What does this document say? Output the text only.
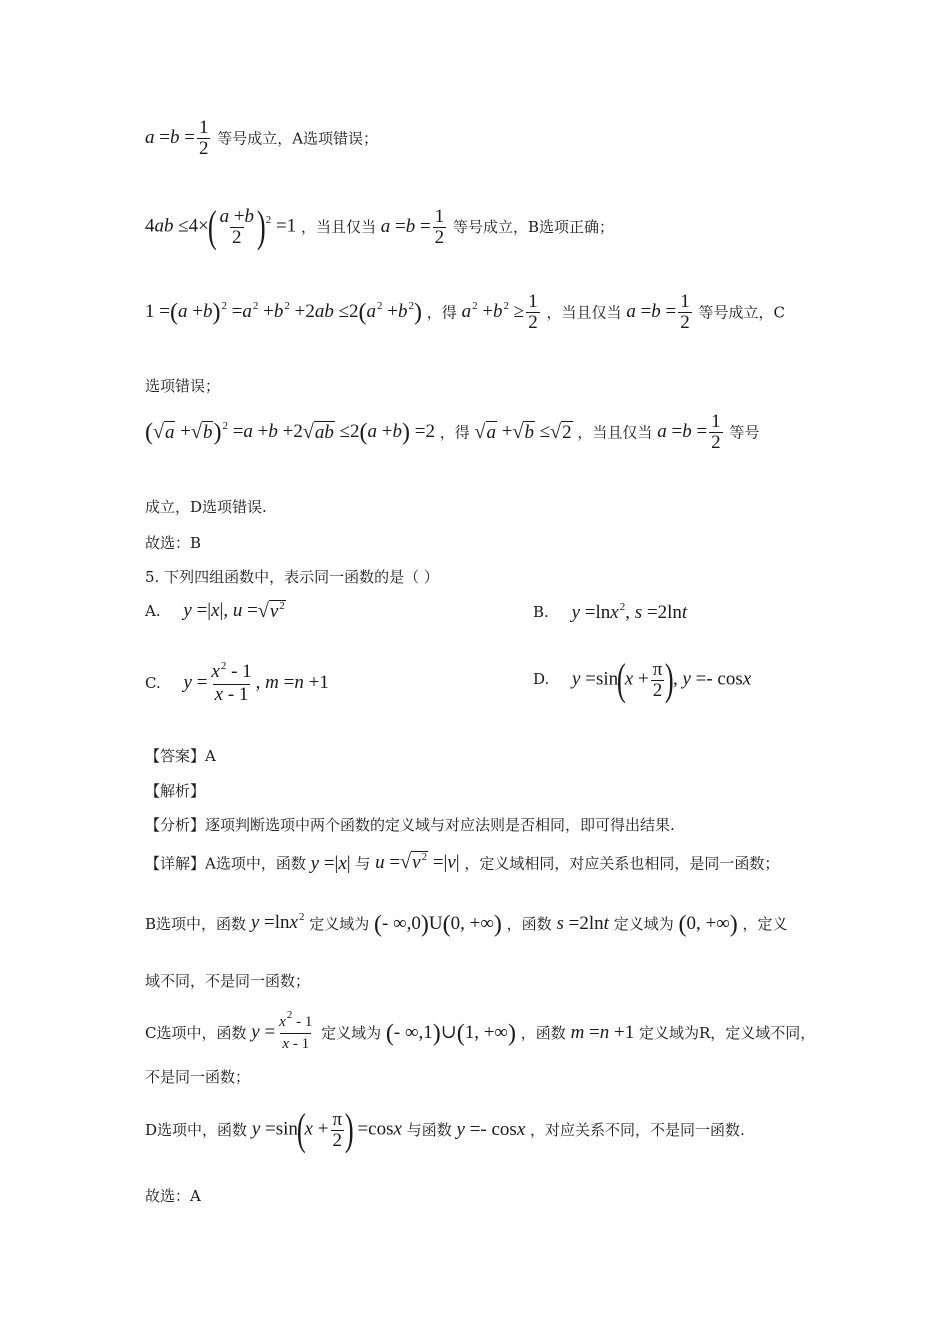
$a =b = \frac{1}{2}$ 等号成立，A选项错误；
$4ab \le 4\times( \frac{a +b}{2} )^2 =1$ ，当且仅当 $a =b = \frac{1}{2}$ 等号成立，B选项正确；
$1 =(a +b)^2 =a^2 +b^2 +2ab \le 2(a^2 +b^2)$ ，得 $a^2 +b^2 \ge \frac{1}{2}$ ，当且仅当 $a =b = \frac{1}{2}$ 等号成立，C
选项错误；
$(√a +√b)^2 =a +b +2√ab \le 2(a +b) =2$ ，得 √a +√b ≤√2 ，当且仅当 $a =b = \frac{1}{2}$ 等号
成立，D选项错误.
故选：B
5. 下列四组函数中，表示同一函数的是（ ）
A. y =|x|, $u =√v^2$	B. y =lnx$^2$, s =2lnt
C. $y = \frac{x^2 - 1}{x - 1}$ , m =n +1	D. $y =\sin(x + \frac{\pi}{2}$ ), y =- cosx
【答案】A
【解析】
【分析】逐项判断选项中两个函数的定义域与对应法则是否相同，即可得出结果.
【详解】A选项中，函数 y =|x| 与 $u =√v^2 =|v|$ ，定义域相同，对应关系也相同，是同一函数；
B选项中，函数 y =lnx$^2$ 定义域为 (- ∞,0)U(0, +∞) ，函数 s =2lnt 定义域为 (0, +∞) ，定义
域不同，不是同一函数；
C选项中，函数 $y = \frac{x^2 - 1}{x - 1}$ 定义域为 (- ∞,1)∪(1, +∞) ，函数 m =n +1 定义域为R，定义域不同，
不是同一函数；
D选项中，函数 $y =\sin(x + \frac{\pi}{2}$ ) =cosx 与函数 y =- cosx ，对应关系不同，不是同一函数.
故选：A
